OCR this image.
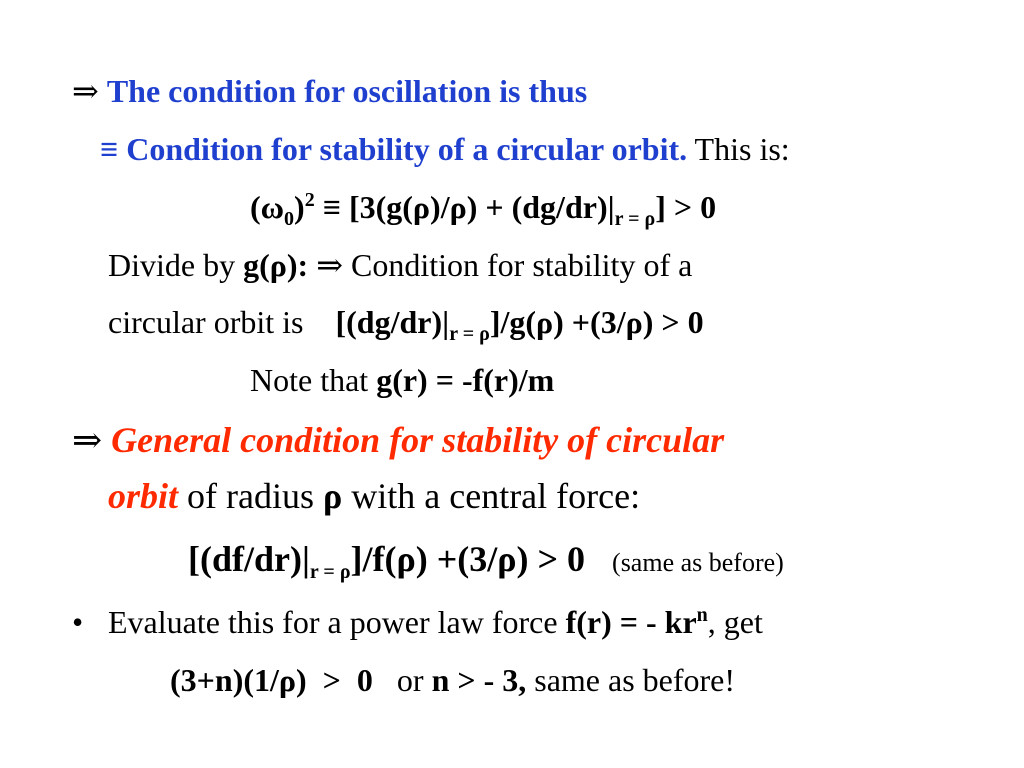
⇒ The condition for oscillation is thus
≡ Condition for stability of a circular orbit. This is:
$(\omega_0)^2 \equiv [3(g(\rho)/\rho) + (dg/dr)|_{r = \rho}] > 0$
Divide by g(ρ): ⇒ Condition for stability of a
circular orbit is    $[(dg/dr)|_{r = \rho}]/g(\rho) +(3/\rho) > 0$
Note that g(r) = -f(r)/m
⇒ General condition for stability of circular
orbit of radius ρ with a central force:
$[(df/dr)|_{r = \rho}]/f(\rho) +(3/\rho) > 0$ (same as before)
• Evaluate this for a power law force f(r) = - $kr^n$, get
(3+n)(1/ρ)  >  0   or n > - 3, same as before!
